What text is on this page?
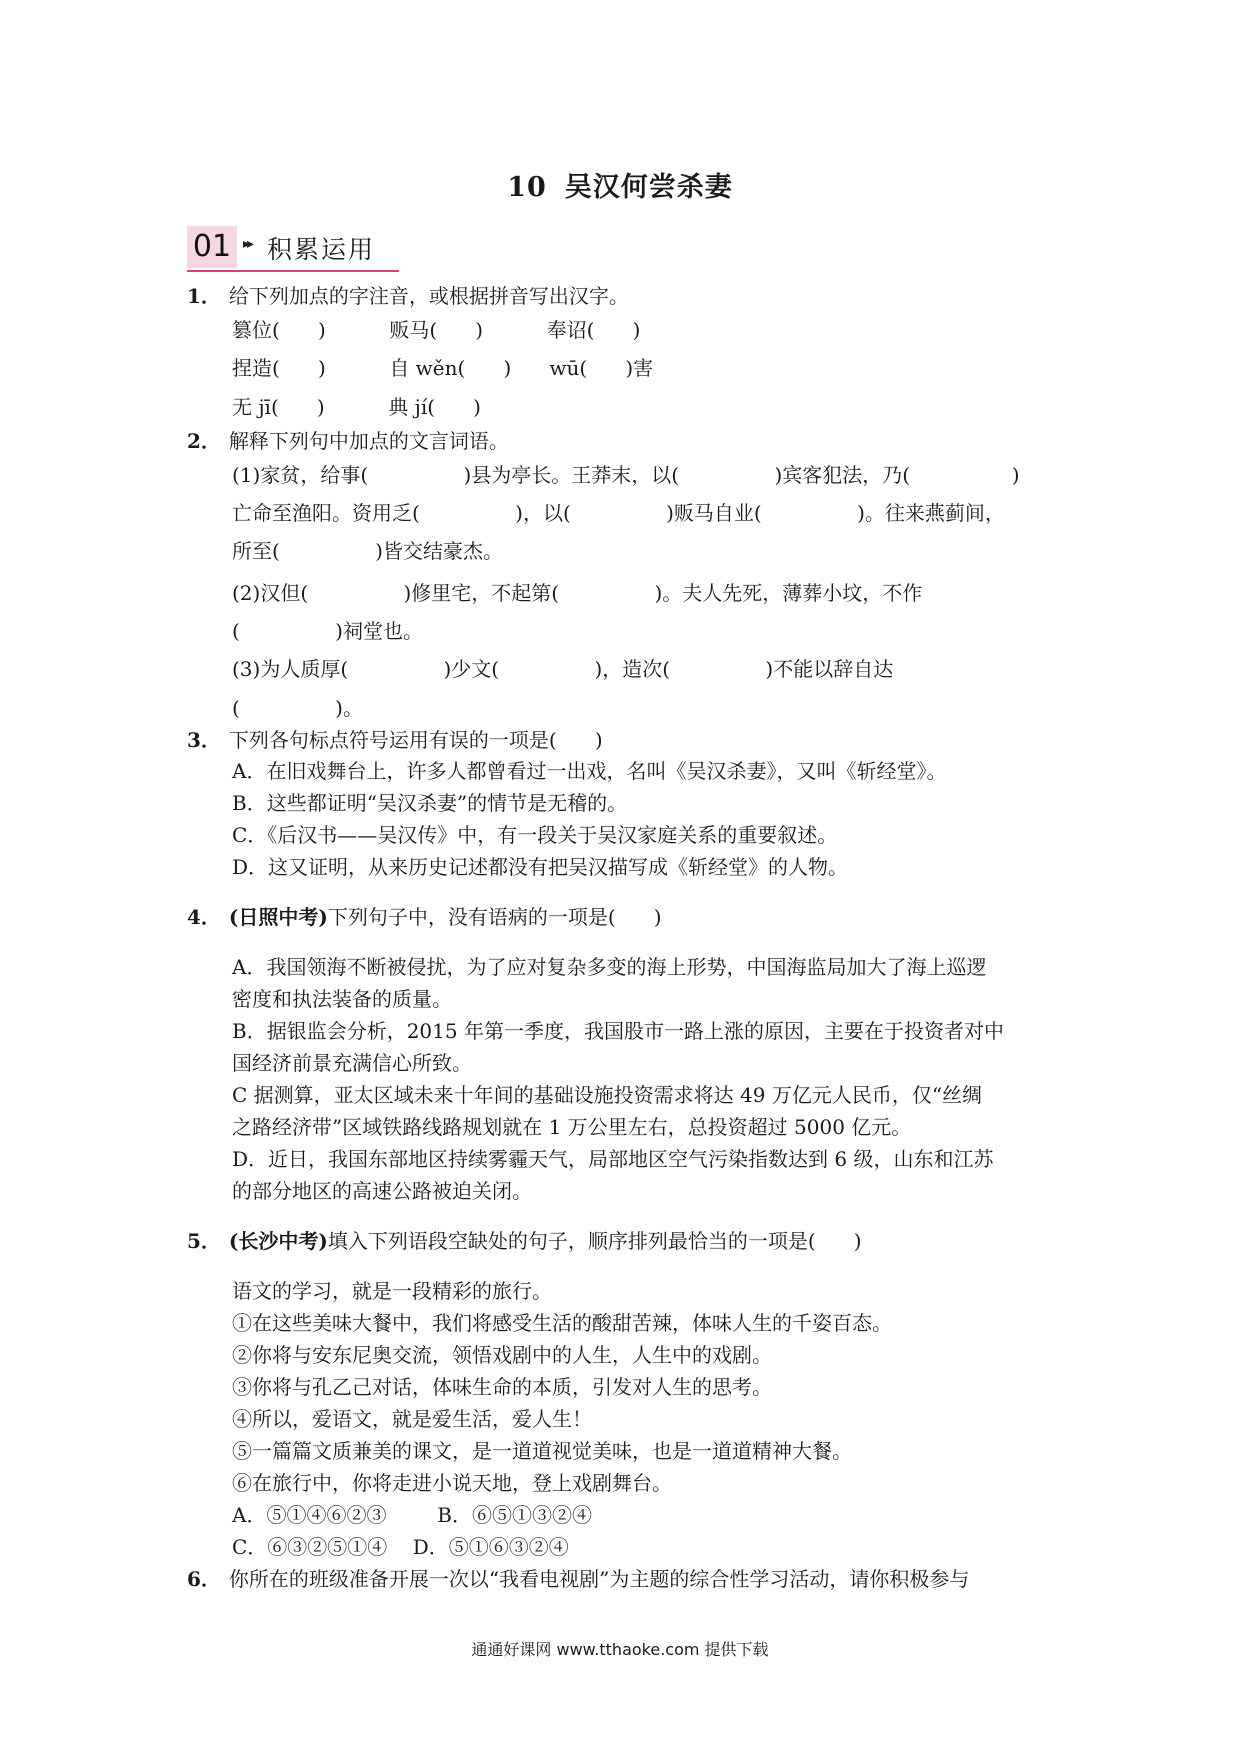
10 吴汉何尝杀妻
01 ▸▸ 积累运用
1． 给下列加点的字注音，或根据拼音写出汉字。
篡位(      )          贩马(      )          奉诏(      )
捏造(      )          自 wěn(      )      wū(      )害
无 jī(      )          典 jí(      )
2． 解释下列句中加点的文言词语。
(1)家贫，给事(               )县为亭长。王莽末，以(               )宾客犯法，乃(                )
亡命至渔阳。资用乏(               )，以(               )贩马自业(               )。往来燕蓟间，
所至(               )皆交结豪杰。
(2)汉但(               )修里宅，不起第(               )。夫人先死，薄葬小坟，不作
(               )祠堂也。
(3)为人质厚(               )少文(               )，造次(               )不能以辞自达
(               )。
3． 下列各句标点符号运用有误的一项是(      )
A．在旧戏舞台上，许多人都曾看过一出戏，名叫《吴汉杀妻》，又叫《斩经堂》。
B．这些都证明“吴汉杀妻”的情节是无稽的。
C．《后汉书——吴汉传》中，有一段关于吴汉家庭关系的重要叙述。
D．这又证明，从来历史记述都没有把吴汉描写成《斩经堂》的人物。
4． (日照中考)下列句子中，没有语病的一项是(      )
A．我国领海不断被侵扰，为了应对复杂多变的海上形势，中国海监局加大了海上巡逻
密度和执法装备的质量。
B．据银监会分析，2015 年第一季度，我国股市一路上涨的原因，主要在于投资者对中
国经济前景充满信心所致。
C 据测算，亚太区域未来十年间的基础设施投资需求将达 49 万亿元人民币，仅“丝绸
之路经济带”区域铁路线路规划就在 1 万公里左右，总投资超过 5000 亿元。
D．近日，我国东部地区持续雾霾天气，局部地区空气污染指数达到 6 级，山东和江苏
的部分地区的高速公路被迫关闭。
5． (长沙中考)填入下列语段空缺处的句子，顺序排列最恰当的一项是(      )
语文的学习，就是一段精彩的旅行。
①在这些美味大餐中，我们将感受生活的酸甜苦辣，体味人生的千姿百态。
②你将与安东尼奥交流，领悟戏剧中的人生，人生中的戏剧。
③你将与孔乙己对话，体味生命的本质，引发对人生的思考。
④所以，爱语文，就是爱生活，爱人生！
⑤一篇篇文质兼美的课文，是一道道视觉美味，也是一道道精神大餐。
⑥在旅行中，你将走进小说天地，登上戏剧舞台。
A．⑤①④⑥②③        B．⑥⑤①③②④
C．⑥③②⑤①④    D．⑤①⑥③②④
6． 你所在的班级准备开展一次以“我看电视剧”为主题的综合性学习活动，请你积极参与
通通好课网 www.tthaoke.com 提供下载
